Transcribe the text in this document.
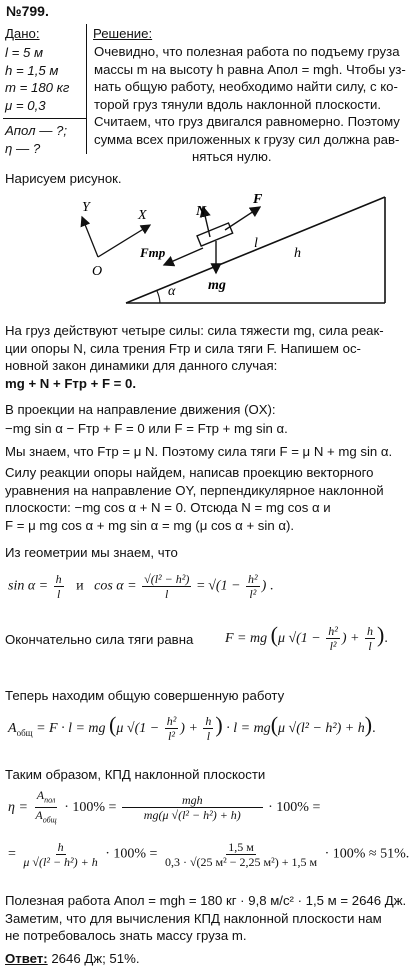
№799.
Дано:
l = 5 м
h = 1,5 м
m = 180 кг
μ = 0,3
Aпол — ?;
η — ?
Решение:
Очевидно, что полезная работа по подъему груза
массы m на высоту h равна Aпол = mgh. Чтобы уз-
нать общую работу, необходимо найти силу, с ко-
торой груз тянули вдоль наклонной плоскости.
Считаем, что груз двигался равномерно. Поэтому
сумма всех приложенных к грузу сил должна рав-
няться нулю.
Нарисуем рисунок.
Y
X
O
α
l
h
F
N
Fтр
mg
На груз действуют четыре силы: сила тяжести mg, сила реак-
ции опоры N, сила трения Fтр и сила тяги F. Напишем ос-
новной закон динамики для данного случая:
mg + N + Fтр + F = 0.
В проекции на направление движения (OX):
−mg sin α − Fтр + F = 0 или F = Fтр + mg sin α.
Мы знаем, что Fтр = μ N. Поэтому сила тяги F = μ N + mg sin α.
Силу реакции опоры найдем, написав проекцию векторного
уравнения на направление OY, перпендикулярное наклонной
плоскости: −mg cos α + N = 0. Отсюда N = mg cos α и
F = μ mg cos α + mg sin α = mg (μ cos α + sin α).
Из геометрии мы знаем, что
$\sin \alpha = \frac{h}{l}$ и   $\cos \alpha = \frac{\text{√(l² − h²)}}{l} = √(1 - \frac{\text{h²}}{\text{l²}}$ ) .
Окончательно сила тяги равна F = mg (μ $√(1 - \frac{\text{h²}}{\text{l²}}$ ) + $\frac{h}{l}$ ).
Теперь находим общую совершенную работу
$A_{общ} = F \cdot l$ = mg (μ $√(1 - \frac{\text{h²}}{\text{l²}}$ ) + $\frac{h}{l}$ ) · l = mg(μ √(l² − h²) + h).
Таким образом, КПД наклонной плоскости
$\eta = \frac{A_{пол}}{A_{общ}} \cdot 100\% = \frac{\text{mgh}}{\text{mg(μ √(l² − h²) + h)}} \cdot 100\%$ =
= $\frac{h}{\text{μ √(l² − h²) + h}} \cdot 100\% = \frac{1,5 м}{\text{0,3 · √(25 м² − 2,25 м²) + 1,5 м}} \cdot 100\% \approx 51\%$.
Полезная работа Aпол = mgh = 180 кг · 9,8 м/с² · 1,5 м = 2646 Дж.
Заметим, что для вычисления КПД наклонной плоскости нам
не потребовалось знать массу груза m.
Ответ: 2646 Дж; 51%.
